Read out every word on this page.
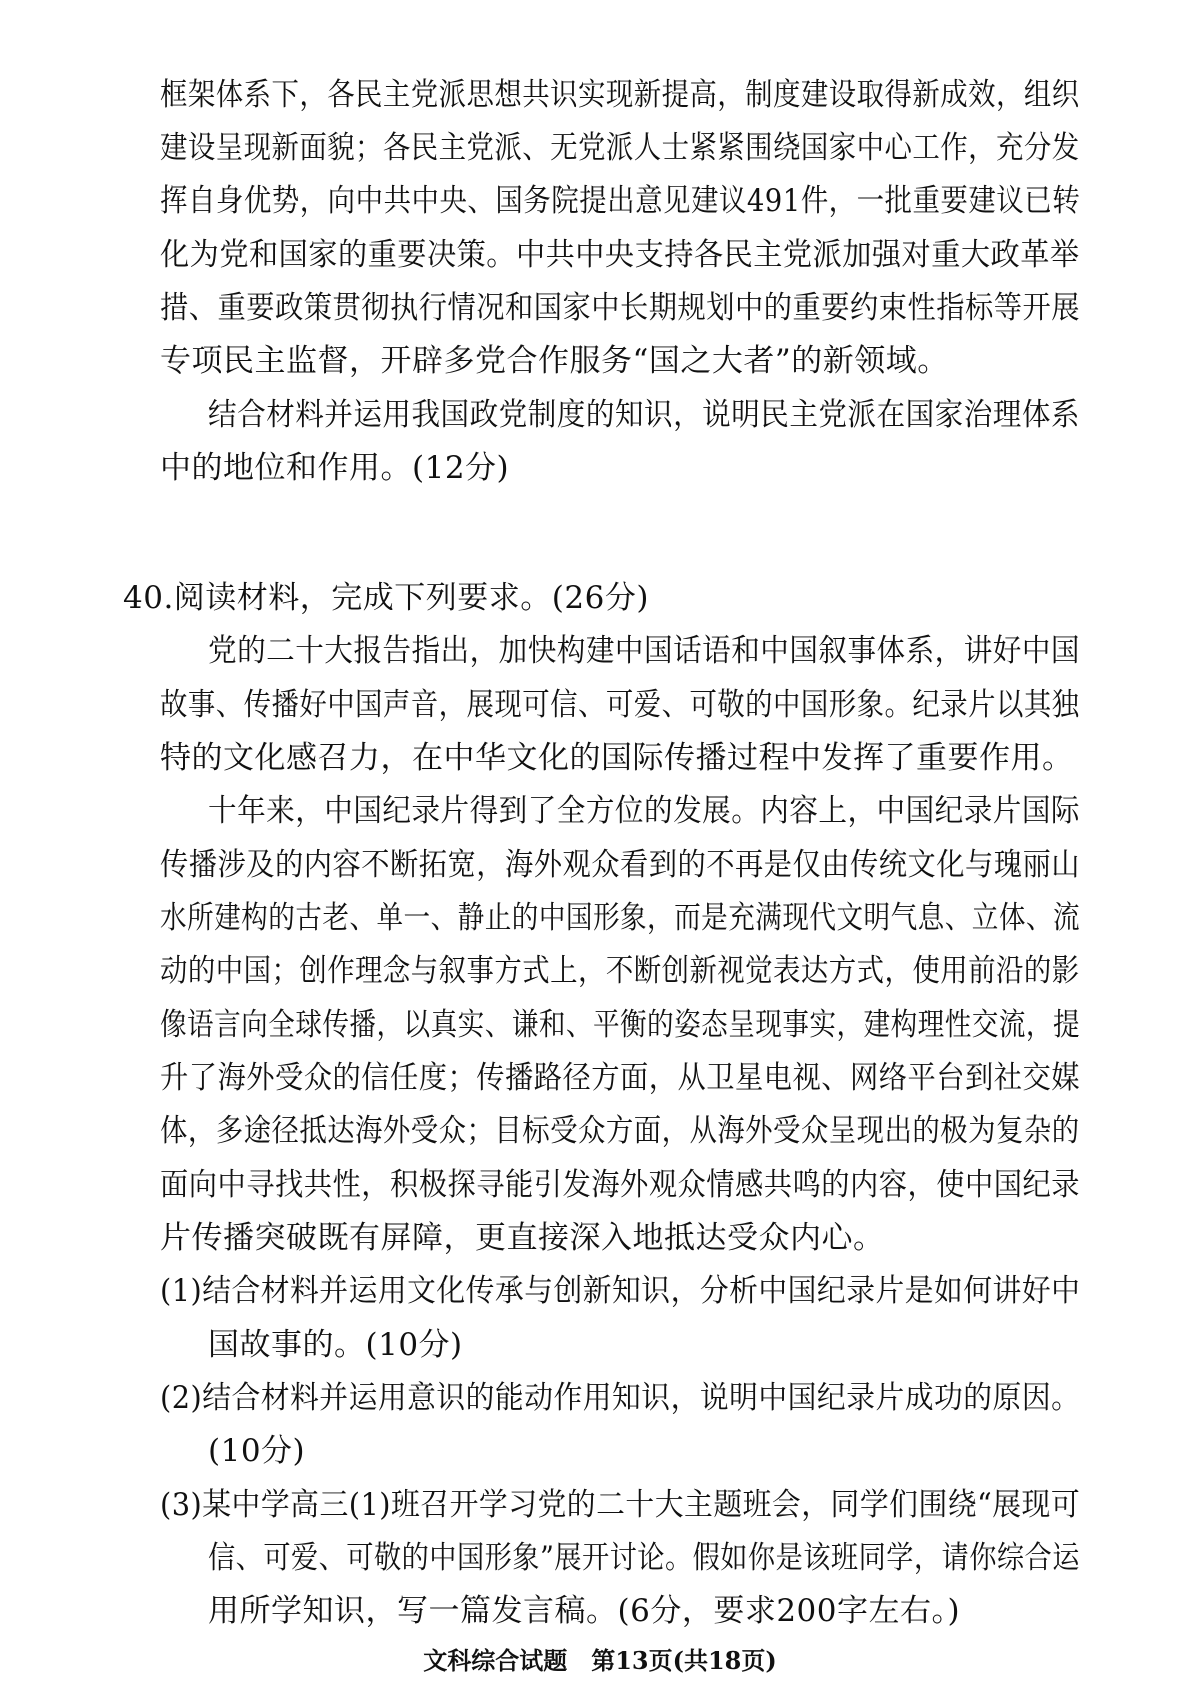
框架体系下，各民主党派思想共识实现新提高，制度建设取得新成效，组织
建设呈现新面貌；各民主党派、无党派人士紧紧围绕国家中心工作，充分发
挥自身优势，向中共中央、国务院提出意见建议491件，一批重要建议已转
化为党和国家的重要决策。中共中央支持各民主党派加强对重大政革举
措、重要政策贯彻执行情况和国家中长期规划中的重要约束性指标等开展
专项民主监督，开辟多党合作服务“国之大者”的新领域。
结合材料并运用我国政党制度的知识，说明民主党派在国家治理体系
中的地位和作用。(12分)
40.阅读材料，完成下列要求。(26分)
党的二十大报告指出，加快构建中国话语和中国叙事体系，讲好中国
故事、传播好中国声音，展现可信、可爱、可敬的中国形象。纪录片以其独
特的文化感召力，在中华文化的国际传播过程中发挥了重要作用。
十年来，中国纪录片得到了全方位的发展。内容上，中国纪录片国际
传播涉及的内容不断拓宽，海外观众看到的不再是仅由传统文化与瑰丽山
水所建构的古老、单一、静止的中国形象，而是充满现代文明气息、立体、流
动的中国；创作理念与叙事方式上，不断创新视觉表达方式，使用前沿的影
像语言向全球传播，以真实、谦和、平衡的姿态呈现事实，建构理性交流，提
升了海外受众的信任度；传播路径方面，从卫星电视、网络平台到社交媒
体，多途径抵达海外受众；目标受众方面，从海外受众呈现出的极为复杂的
面向中寻找共性，积极探寻能引发海外观众情感共鸣的内容，使中国纪录
片传播突破既有屏障，更直接深入地抵达受众内心。
(1)结合材料并运用文化传承与创新知识，分析中国纪录片是如何讲好中
国故事的。(10分)
(2)结合材料并运用意识的能动作用知识，说明中国纪录片成功的原因。
(10分)
(3)某中学高三(1)班召开学习党的二十大主题班会，同学们围绕“展现可
信、可爱、可敬的中国形象”展开讨论。假如你是该班同学，请你综合运
用所学知识，写一篇发言稿。(6分，要求200字左右。)
文科综合试题　第13页(共18页)
